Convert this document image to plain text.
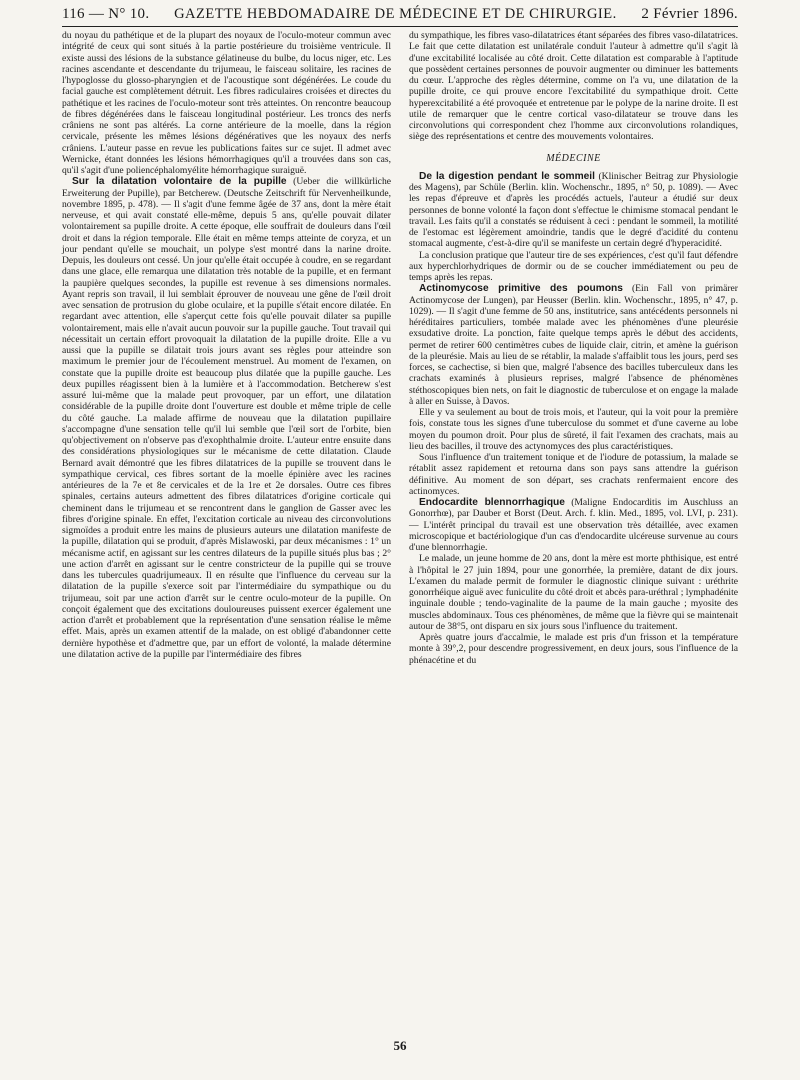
116 — N° 10. GAZETTE HEBDOMADAIRE DE MÉDECINE ET DE CHIRURGIE. 2 Février 1896.

du noyau du pathétique et de la plupart des noyaux de l'oculo-moteur commun avec intégrité de ceux qui sont situés à la partie postérieure du troisième ventricule. Il existe aussi des lésions de la substance gélatineuse du bulbe, du locus niger, etc. Les racines ascendante et descendante du trijumeau, le faisceau solitaire, les racines de l'hypoglosse du glosso-pharyngien et de l'acoustique sont dégénérées. Le coude du facial gauche est complètement détruit. Les fibres radiculaires croisées et directes du pathétique et les racines de l'oculo-moteur sont très atteintes. On rencontre beaucoup de fibres dégénérées dans le faisceau longitudinal postérieur. Les troncs des nerfs crâniens ne sont pas altérés. La corne antérieure de la moelle, dans la région cervicale, présente les mêmes lésions dégénératives que les noyaux des nerfs crâniens. L'auteur passe en revue les publications faites sur ce sujet. Il admet avec Wernicke, étant données les lésions hémorrhagiques qu'il a trouvées dans son cas, qu'il s'agit d'une poliencéphalomyélite hémorrhagique suraiguë.

Sur la dilatation volontaire de la pupille (Ueber die willkürliche Erweiterung der Pupille), par Betcherew. (Deutsche Zeitschrift für Nervenheilkunde, novembre 1895, p. 478). — Il s'agit d'une femme âgée de 37 ans, dont la mère était nerveuse, et qui avait constaté elle-même, depuis 5 ans, qu'elle pouvait dilater volontairement sa pupille droite. A cette époque, elle souffrait de douleurs dans l'œil droit et dans la région temporale. Elle était en même temps atteinte de coryza, et un jour pendant qu'elle se mouchait, un polype s'est montré dans la narine droite. Depuis, les douleurs ont cessé. Un jour qu'elle était occupée à coudre, en se regardant dans une glace, elle remarqua une dilatation très notable de la pupille, et en fermant la paupière quelques secondes, la pupille est revenue à ses dimensions normales. Ayant repris son travail, il lui semblait éprouver de nouveau une gêne de l'œil droit avec sensation de protrusion du globe oculaire, et la pupille s'était encore dilatée. En regardant avec attention, elle s'aperçut cette fois qu'elle pouvait dilater sa pupille volontairement, mais elle n'avait aucun pouvoir sur la pupille gauche. Tout travail qui nécessitait un certain effort provoquait la dilatation de la pupille droite. Elle a vu aussi que la pupille se dilatait trois jours avant ses règles pour atteindre son maximum le premier jour de l'écoulement menstruel. Au moment de l'examen, on constate que la pupille droite est beaucoup plus dilatée que la pupille gauche. Les deux pupilles réagissent bien à la lumière et à l'accommodation. Betcherew s'est assuré lui-même que la malade peut provoquer, par un effort, une dilatation considérable de la pupille droite dont l'ouverture est double et même triple de celle du côté gauche. La malade affirme de nouveau que la dilatation pupillaire s'accompagne d'une sensation telle qu'il lui semble que l'œil sort de l'orbite, bien qu'objectivement on n'observe pas d'exophthalmie droite. L'auteur entre ensuite dans des considérations physiologiques sur le mécanisme de cette dilatation. Claude Bernard avait démontré que les fibres dilatatrices de la pupille se trouvent dans le sympathique cervical, ces fibres sortant de la moelle épinière avec les racines antérieures de la 7e et 8e cervicales et de la 1re et 2e dorsales. Outre ces fibres spinales, certains auteurs admettent des fibres dilatatrices d'origine corticale qui cheminent dans le trijumeau et se rencontrent dans le ganglion de Gasser avec les fibres d'origine spinale. En effet, l'excitation corticale au niveau des circonvolutions sigmoïdes a produit entre les mains de plusieurs auteurs une dilatation manifeste de la pupille, dilatation qui se produit, d'après Mislawoski, par deux mécanismes : 1° un mécanisme actif, en agissant sur les centres dilateurs de la pupille situés plus bas ; 2° une action d'arrêt en agissant sur le centre constricteur de la pupille qui se trouve dans les tubercules quadrijumeaux. Il en résulte que l'influence du cerveau sur la dilatation de la pupille s'exerce soit par l'intermédiaire du sympathique ou du trijumeau, soit par une action d'arrêt sur le centre oculo-moteur de la pupille. On conçoit également que des excitations douloureuses puissent exercer également une action d'arrêt et probablement que la représentation d'une sensation réalise le même effet. Mais, après un examen attentif de la malade, on est obligé d'abandonner cette dernière hypothèse et d'admettre que, par un effort de volonté, la malade détermine une dilatation active de la pupille par l'intermédiaire des fibres

du sympathique, les fibres vaso-dilatatrices étant séparées des fibres vaso-dilatatrices. Le fait que cette dilatation est unilatérale conduit l'auteur à admettre qu'il s'agit là d'une excitabilité localisée au côté droit. Cette dilatation est comparable à l'aptitude que possèdent certaines personnes de pouvoir augmenter ou diminuer les battements du cœur. L'approche des règles détermine, comme on l'a vu, une dilatation de la pupille droite, ce qui prouve encore l'excitabilité du sympathique droit. Cette hyperexcitabilité a été provoquée et entretenue par le polype de la narine droite. Il est utile de remarquer que le centre cortical vaso-dilatateur se trouve dans les circonvolutions qui correspondent chez l'homme aux circonvolutions rolandiques, siège des représentations et centre des mouvements volontaires.

MÉDECINE

De la digestion pendant le sommeil (Klinischer Beitrag zur Physiologie des Magens), par Schüle (Berlin. klin. Wochenschr., 1895, n° 50, p. 1089). — Avec les repas d'épreuve et d'après les procédés actuels, l'auteur a étudié sur deux personnes de bonne volonté la façon dont s'effectue le chimisme stomacal pendant le travail. Les faits qu'il a constatés se réduisent à ceci : pendant le sommeil, la motilité de l'estomac est légèrement amoindrie, tandis que le degré d'acidité du contenu stomacal augmente, c'est-à-dire qu'il se manifeste un certain degré d'hyperacidité.

La conclusion pratique que l'auteur tire de ses expériences, c'est qu'il faut défendre aux hyperchlorhydriques de dormir ou de se coucher immédiatement ou peu de temps après les repas.

Actinomycose primitive des poumons (Ein Fall von primärer Actinomycose der Lungen), par Heusser (Berlin. klin. Wochenschr., 1895, n° 47, p. 1029). — Il s'agit d'une femme de 50 ans, institutrice, sans antécédents personnels ni héréditaires particuliers, tombée malade avec les phénomènes d'une pleurésie exsudative droite. La ponction, faite quelque temps après le début des accidents, permet de retirer 600 centimètres cubes de liquide clair, citrin, et amène la guérison de la pleurésie. Mais au lieu de se rétablir, la malade s'affaiblit tous les jours, perd ses forces, se cachectise, si bien que, malgré l'absence des bacilles tuberculeux dans les crachats examinés à plusieurs reprises, malgré l'absence de phénomènes stéthoscopiques bien nets, on fait le diagnostic de tuberculose et on engage la malade à aller en Suisse, à Davos.

Elle y va seulement au bout de trois mois, et l'auteur, qui la voit pour la première fois, constate tous les signes d'une tuberculose du sommet et d'une caverne au lobe moyen du poumon droit. Pour plus de sûreté, il fait l'examen des crachats, mais au lieu des bacilles, il trouve des actynomyces des plus caractéristiques.

Sous l'influence d'un traitement tonique et de l'iodure de potassium, la malade se rétablit assez rapidement et retourna dans son pays sans attendre la guérison définitive. Au moment de son départ, ses crachats renfermaient encore des actinomyces.

Endocardite blennorrhagique (Maligne Endocarditis im Auschluss an Gonorrhœ), par Dauber et Borst (Deut. Arch. f. klin. Med., 1895, vol. LVI, p. 231). — L'intérêt principal du travail est une observation très détaillée, avec examen microscopique et bactériologique d'un cas d'endocardite ulcéreuse survenue au cours d'une blennorrhagie.

Le malade, un jeune homme de 20 ans, dont la mère est morte phthisique, est entré à l'hôpital le 27 juin 1894, pour une gonorrhée, la première, datant de dix jours. L'examen du malade permit de formuler le diagnostic clinique suivant : uréthrite gonorrhéique aiguë avec funiculite du côté droit et abcès para-uréthral ; lymphadénite inguinale double ; tendo-vaginalite de la paume de la main gauche ; myosite des muscles abdominaux. Tous ces phénomènes, de même que la fièvre qui se maintenait autour de 38°5, ont disparu en six jours sous l'influence du traitement.

Après quatre jours d'accalmie, le malade est pris d'un frisson et la température monte à 39°,2, pour descendre progressivement, en deux jours, sous l'influence de la phénacétine et du

56
